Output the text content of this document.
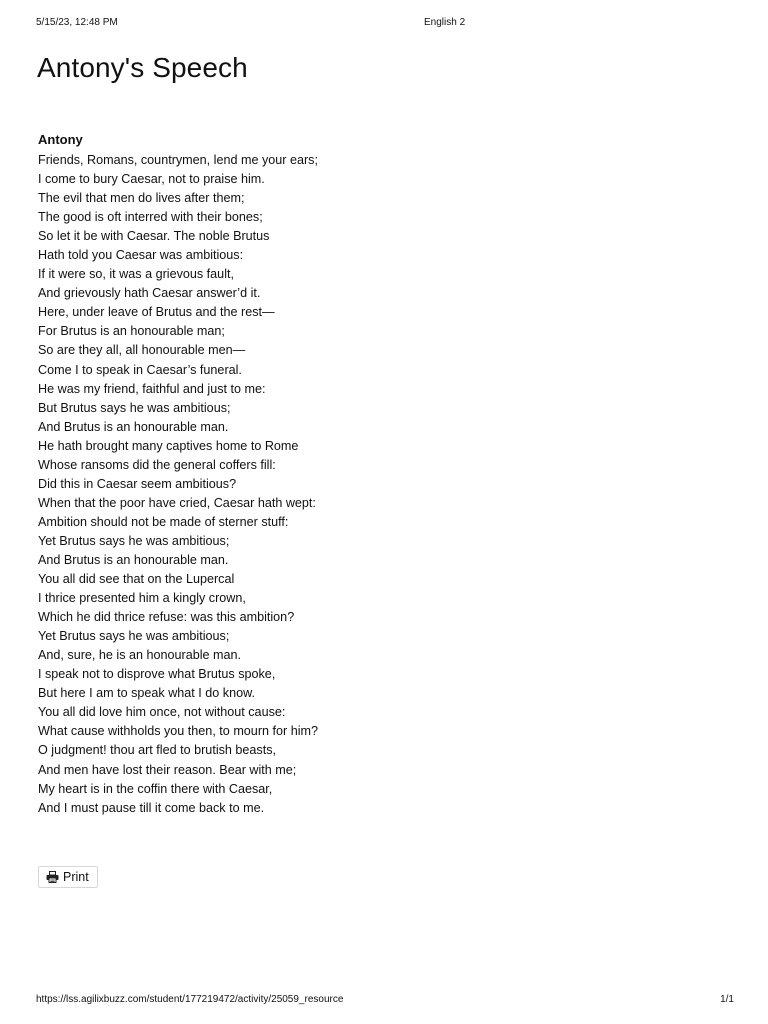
5/15/23, 12:48 PM	English 2
Antony's Speech
Antony
Friends, Romans, countrymen, lend me your ears;
I come to bury Caesar, not to praise him.
The evil that men do lives after them;
The good is oft interred with their bones;
So let it be with Caesar. The noble Brutus
Hath told you Caesar was ambitious:
If it were so, it was a grievous fault,
And grievously hath Caesar answer’d it.
Here, under leave of Brutus and the rest—
For Brutus is an honourable man;
So are they all, all honourable men—
Come I to speak in Caesar’s funeral.
He was my friend, faithful and just to me:
But Brutus says he was ambitious;
And Brutus is an honourable man.
He hath brought many captives home to Rome
Whose ransoms did the general coffers fill:
Did this in Caesar seem ambitious?
When that the poor have cried, Caesar hath wept:
Ambition should not be made of sterner stuff:
Yet Brutus says he was ambitious;
And Brutus is an honourable man.
You all did see that on the Lupercal
I thrice presented him a kingly crown,
Which he did thrice refuse: was this ambition?
Yet Brutus says he was ambitious;
And, sure, he is an honourable man.
I speak not to disprove what Brutus spoke,
But here I am to speak what I do know.
You all did love him once, not without cause:
What cause withholds you then, to mourn for him?
O judgment! thou art fled to brutish beasts,
And men have lost their reason. Bear with me;
My heart is in the coffin there with Caesar,
And I must pause till it come back to me.
Print
https://lss.agilixbuzz.com/student/177219472/activity/25059_resource	1/1
